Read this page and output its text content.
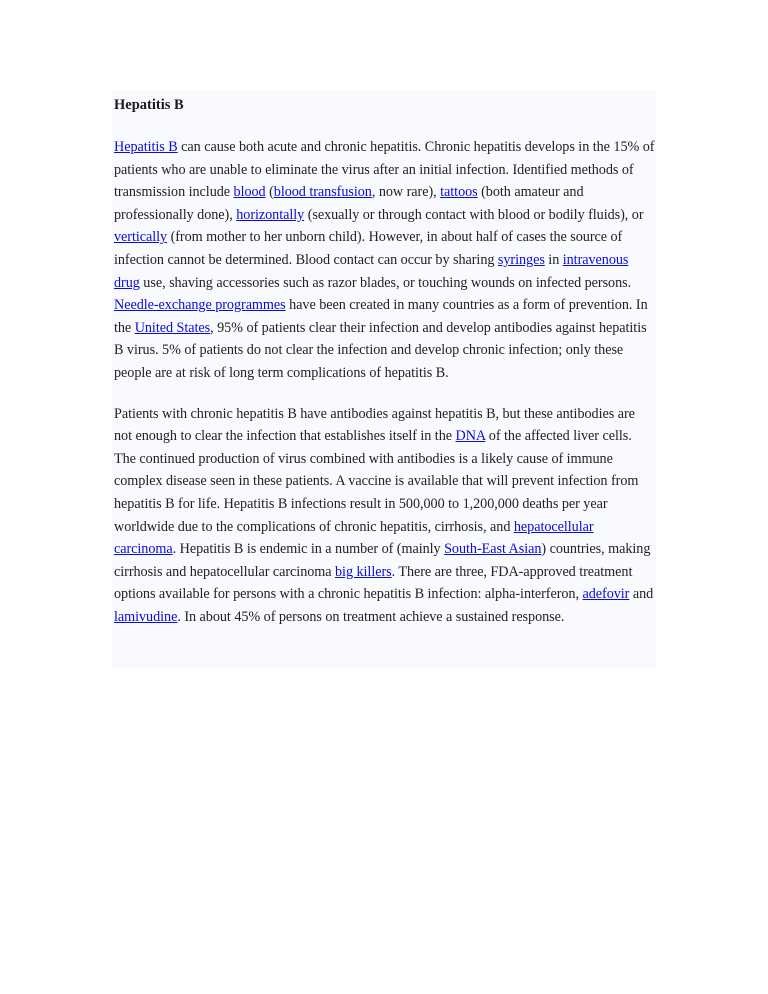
Hepatitis B

Hepatitis B can cause both acute and chronic hepatitis. Chronic hepatitis develops in the 15% of patients who are unable to eliminate the virus after an initial infection. Identified methods of transmission include blood (blood transfusion, now rare), tattoos (both amateur and professionally done), horizontally (sexually or through contact with blood or bodily fluids), or vertically (from mother to her unborn child). However, in about half of cases the source of infection cannot be determined. Blood contact can occur by sharing syringes in intravenous drug use, shaving accessories such as razor blades, or touching wounds on infected persons. Needle-exchange programmes have been created in many countries as a form of prevention. In the United States, 95% of patients clear their infection and develop antibodies against hepatitis B virus. 5% of patients do not clear the infection and develop chronic infection; only these people are at risk of long term complications of hepatitis B.

Patients with chronic hepatitis B have antibodies against hepatitis B, but these antibodies are not enough to clear the infection that establishes itself in the DNA of the affected liver cells. The continued production of virus combined with antibodies is a likely cause of immune complex disease seen in these patients. A vaccine is available that will prevent infection from hepatitis B for life. Hepatitis B infections result in 500,000 to 1,200,000 deaths per year worldwide due to the complications of chronic hepatitis, cirrhosis, and hepatocellular carcinoma. Hepatitis B is endemic in a number of (mainly South-East Asian) countries, making cirrhosis and hepatocellular carcinoma big killers. There are three, FDA-approved treatment options available for persons with a chronic hepatitis B infection: alpha-interferon, adefovir and lamivudine. In about 45% of persons on treatment achieve a sustained response.
